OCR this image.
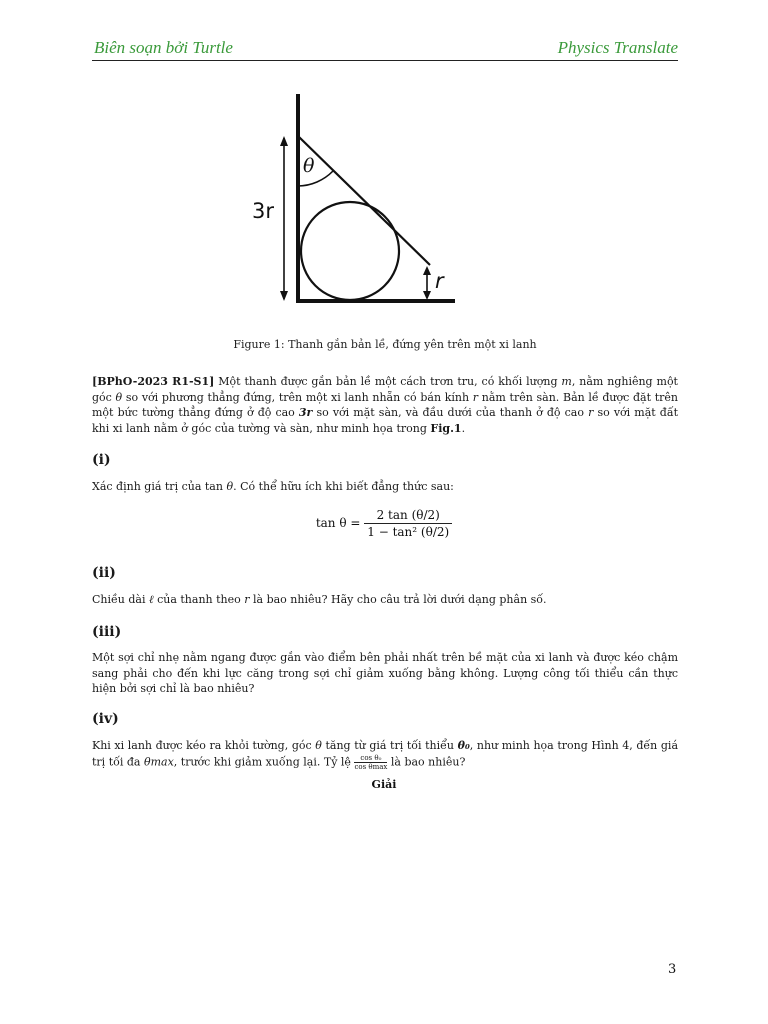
Biên soạn bởi Turtle	Physics Translate
θ
3r
r
Figure 1: Thanh gắn bản lề, đứng yên trên một xi lanh
[BPhO-2023 R1-S1] Một thanh được gắn bản lề một cách trơn tru, có khối lượng m, nằm nghiêng một góc θ so với phương thẳng đứng, trên một xi lanh nhẵn có bán kính r nằm trên sàn. Bản lề được đặt trên một bức tường thẳng đứng ở độ cao 3r so với mặt sàn, và đầu dưới của thanh ở độ cao r so với mặt đất khi xi lanh nằm ở góc của tường và sàn, như minh họa trong Fig.1.
(i)
Xác định giá trị của tan θ. Có thể hữu ích khi biết đẳng thức sau:
$\tan \theta = \frac{2 \tan (\theta/2)}{\text{1 − tan² (θ/2)}}$
(ii)
Chiều dài ℓ của thanh theo r là bao nhiêu? Hãy cho câu trả lời dưới dạng phân số.
(iii)
Một sợi chỉ nhẹ nằm ngang được gắn vào điểm bên phải nhất trên bề mặt của xi lanh và được kéo chậm sang phải cho đến khi lực căng trong sợi chỉ giảm xuống bằng không. Lượng công tối thiểu cần thực hiện bởi sợi chỉ là bao nhiêu?
(iv)
Khi xi lanh được kéo ra khỏi tường, góc θ tăng từ giá trị tối thiểu θ₀, như minh họa trong Hình 4, đến giá trị tối đa θmax, trước khi giảm xuống lại. Tỷ lệ $\frac{\text{cos θ₀}}{\text{cos θmax}}$ là bao nhiêu?
Giải
3
